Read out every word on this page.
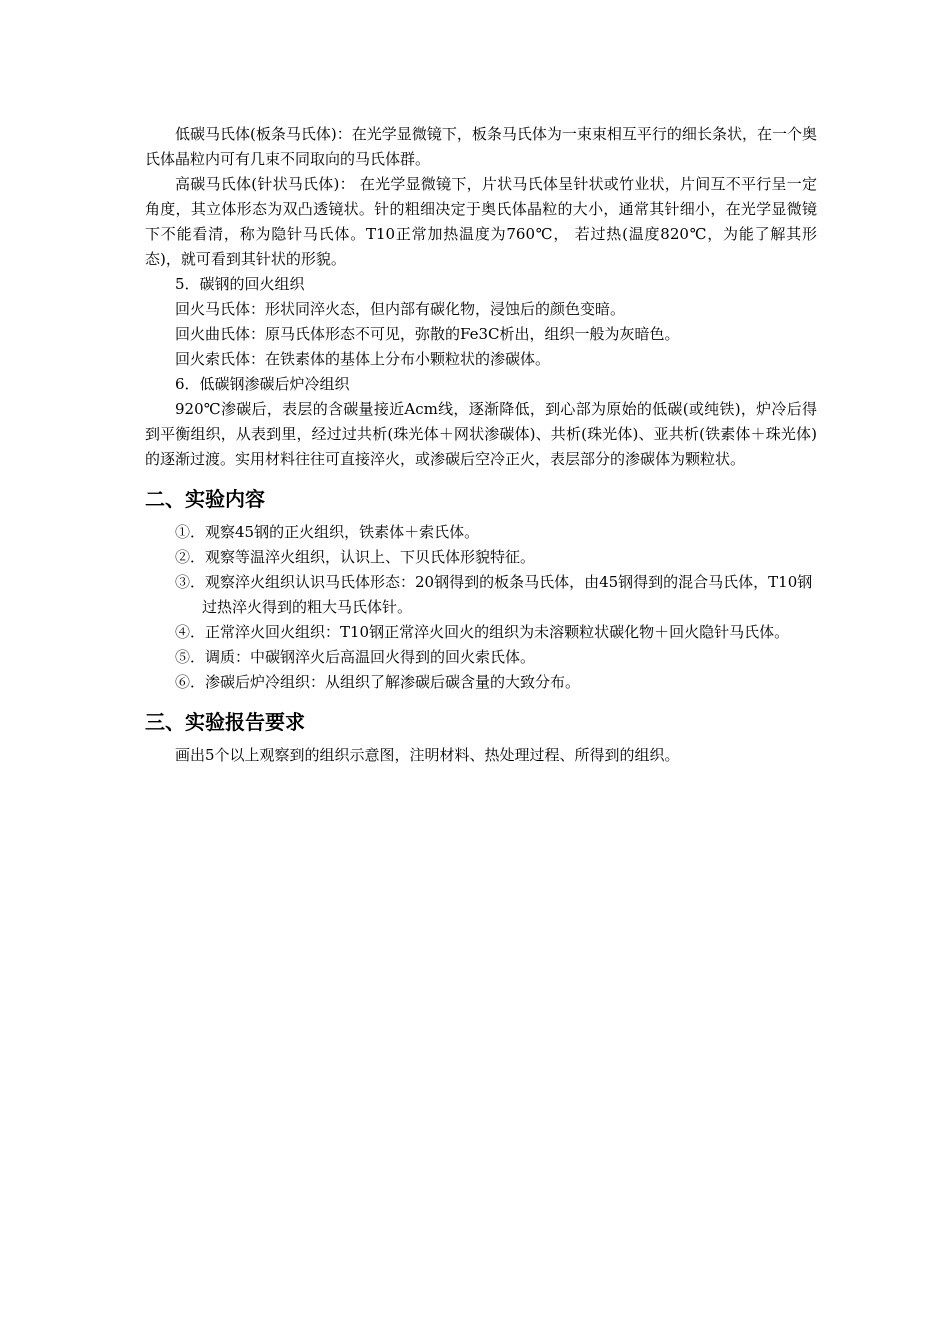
低碳马氏体(板条马氏体)：在光学显微镜下，板条马氏体为一束束相互平行的细长条状，在一个奥氏体晶粒内可有几束不同取向的马氏体群。

高碳马氏体(针状马氏体)： 在光学显微镜下，片状马氏体呈针状或竹业状，片间互不平行呈一定角度，其立体形态为双凸透镜状。针的粗细决定于奥氏体晶粒的大小，通常其针细小，在光学显微镜下不能看清，称为隐针马氏体。T10正常加热温度为760℃， 若过热(温度820℃，为能了解其形态)，就可看到其针状的形貌。

5．碳钢的回火组织

回火马氏体：形状同淬火态，但内部有碳化物，浸蚀后的颜色变暗。

回火曲氏体：原马氏体形态不可见，弥散的Fe3C析出，组织一般为灰暗色。

回火索氏体：在铁素体的基体上分布小颗粒状的渗碳体。

6．低碳钢渗碳后炉冷组织

920℃渗碳后，表层的含碳量接近Acm线，逐渐降低，到心部为原始的低碳(或纯铁)，炉冷后得到平衡组织，从表到里，经过过共析(珠光体＋网状渗碳体)、共析(珠光体)、亚共析(铁素体＋珠光体)的逐渐过渡。实用材料往往可直接淬火，或渗碳后空冷正火，表层部分的渗碳体为颗粒状。

二、实验内容
①．观察45钢的正火组织，铁素体＋索氏体。
②．观察等温淬火组织，认识上、下贝氏体形貌特征。
③．观察淬火组织认识马氏体形态：20钢得到的板条马氏体，由45钢得到的混合马氏体，T10钢过热淬火得到的粗大马氏体针。
④．正常淬火回火组织：T10钢正常淬火回火的组织为未溶颗粒状碳化物＋回火隐针马氏体。
⑤．调质：中碳钢淬火后高温回火得到的回火索氏体。
⑥．渗碳后炉冷组织：从组织了解渗碳后碳含量的大致分布。
三、实验报告要求

画出5个以上观察到的组织示意图，注明材料、热处理过程、所得到的组织。
